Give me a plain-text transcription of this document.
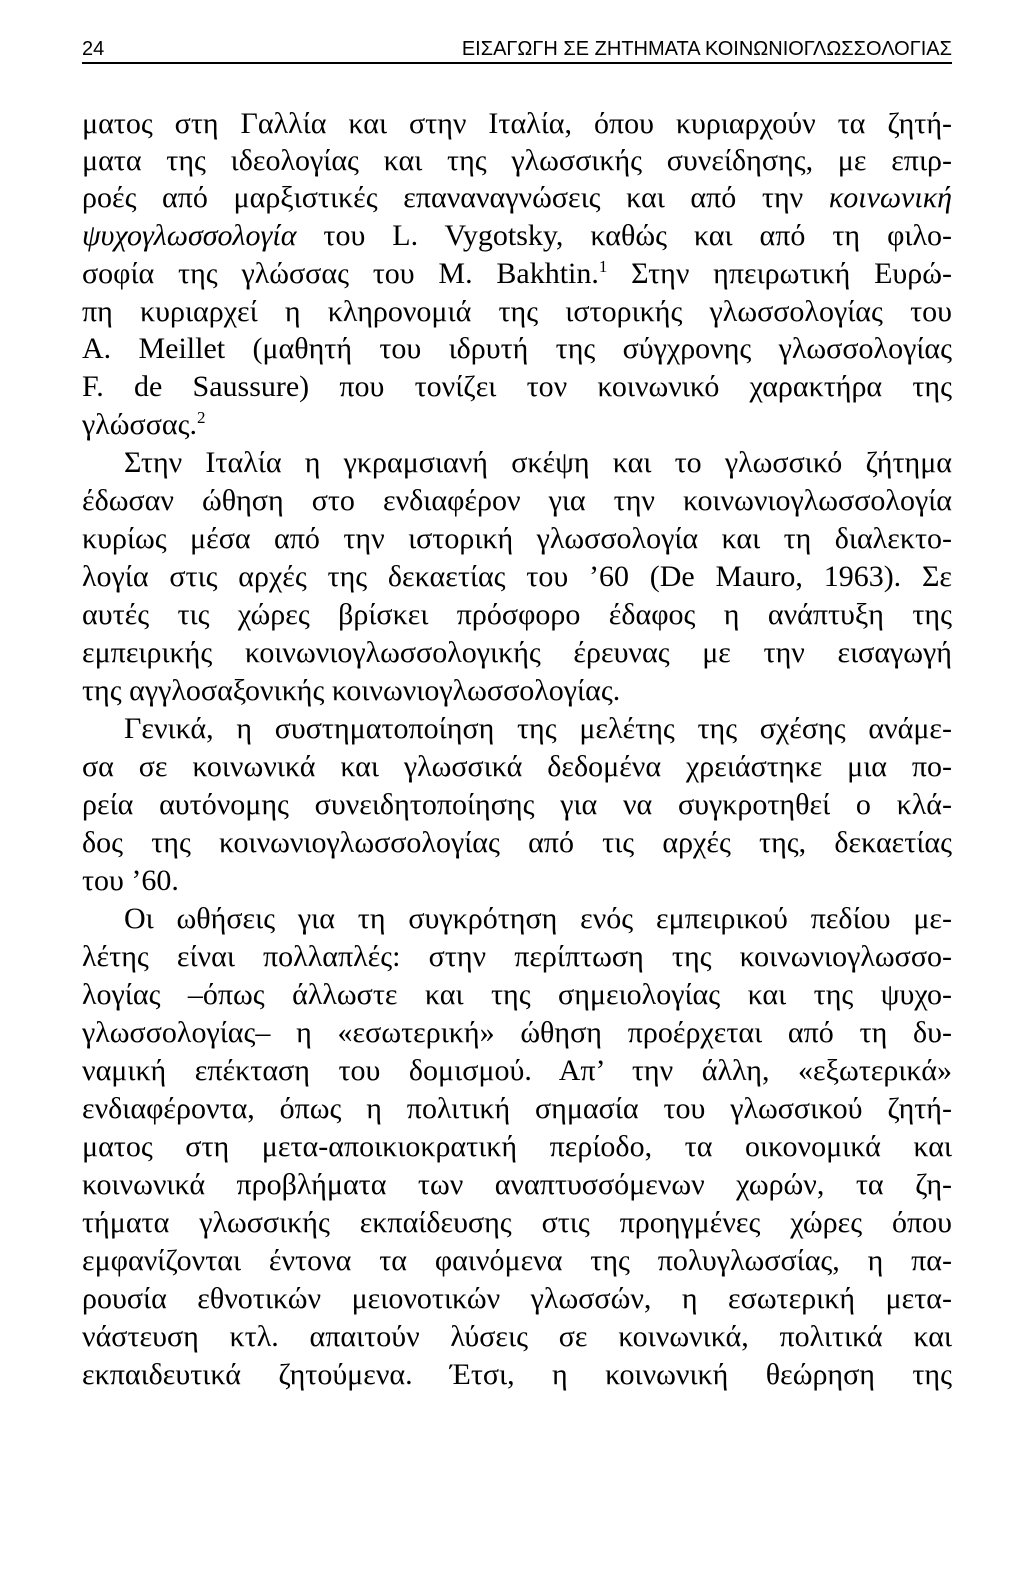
24	ΕΙΣΑΓΩΓΗ ΣΕ ΖΗΤΗΜΑΤΑ ΚΟΙΝΩΝΙΟΓΛΩΣΣΟΛΟΓΙΑΣ
ματος στη Γαλλία και στην Ιταλία, όπου κυριαρχούν τα ζητή-
ματα της ιδεολογίας και της γλωσσικής συνείδησης, με επιρ-
ροές από μαρξιστικές επαναναγνώσεις και από την κοινωνική
ψυχογλωσσολογία του L. Vygotsky, καθώς και από τη φιλο-
σοφία της γλώσσας του M. Bakhtin.$^1$ Στην ηπειρωτική Ευρώ-
πη κυριαρχεί η κληρονομιά της ιστορικής γλωσσολογίας του
A. Meillet (μαθητή του ιδρυτή της σύγχρονης γλωσσολογίας
F. de Saussure) που τονίζει τον κοινωνικό χαρακτήρα της
γλώσσας.$^2$
Στην Ιταλία η γκραμσιανή σκέψη και το γλωσσικό ζήτημα
έδωσαν ώθηση στο ενδιαφέρον για την κοινωνιογλωσσολογία
κυρίως μέσα από την ιστορική γλωσσολογία και τη διαλεκτο-
λογία στις αρχές της δεκαετίας του ’60 (De Mauro, 1963). Σε
αυτές τις χώρες βρίσκει πρόσφορο έδαφος η ανάπτυξη της
εμπειρικής κοινωνιογλωσσολογικής έρευνας με την εισαγωγή
της αγγλοσαξονικής κοινωνιογλωσσολογίας.
Γενικά, η συστηματοποίηση της μελέτης της σχέσης ανάμε-
σα σε κοινωνικά και γλωσσικά δεδομένα χρειάστηκε μια πο-
ρεία αυτόνομης συνειδητοποίησης για να συγκροτηθεί ο κλά-
δος της κοινωνιογλωσσολογίας από τις αρχές της, δεκαετίας
του ’60.
Οι ωθήσεις για τη συγκρότηση ενός εμπειρικού πεδίου με-
λέτης είναι πολλαπλές: στην περίπτωση της κοινωνιογλωσσο-
λογίας –όπως άλλωστε και της σημειολογίας και της ψυχο-
γλωσσολογίας– η «εσωτερική» ώθηση προέρχεται από τη δυ-
ναμική επέκταση του δομισμού. Απ’ την άλλη, «εξωτερικά»
ενδιαφέροντα, όπως η πολιτική σημασία του γλωσσικού ζητή-
ματος στη μετα-αποικιοκρατική περίοδο, τα οικονομικά και
κοινωνικά προβλήματα των αναπτυσσόμενων χωρών, τα ζη-
τήματα γλωσσικής εκπαίδευσης στις προηγμένες χώρες όπου
εμφανίζονται έντονα τα φαινόμενα της πολυγλωσσίας, η πα-
ρουσία εθνοτικών μειονοτικών γλωσσών, η εσωτερική μετα-
νάστευση κτλ. απαιτούν λύσεις σε κοινωνικά, πολιτικά και
εκπαιδευτικά ζητούμενα. Έτσι, η κοινωνική θεώρηση της
